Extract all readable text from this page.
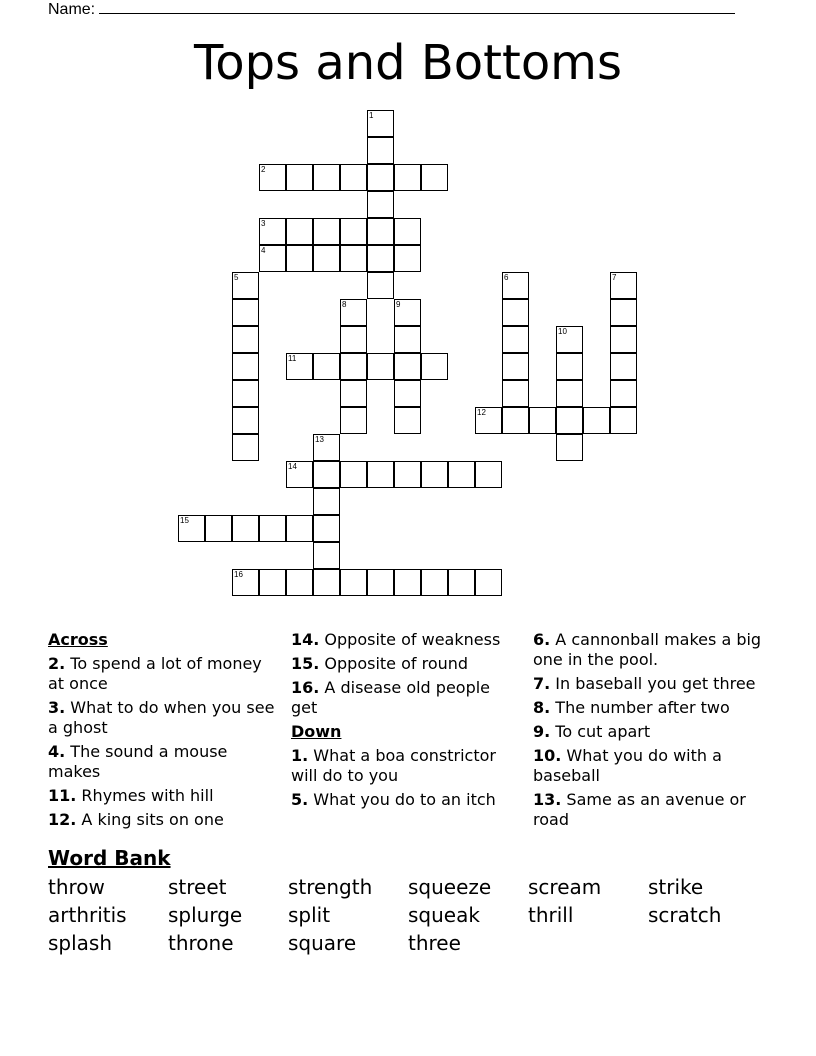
Name:
Tops and Bottoms
1
2
3
4
5
8	9
11
6	7
10
12
13
14
15
16
Across
2. To spend a lot of money at once
3. What to do when you see a ghost
4. The sound a mouse makes
11. Rhymes with hill
12. A king sits on one
14. Opposite of weakness
15. Opposite of round
16. A disease old people get
Down
1. What a boa constrictor will do to you
5. What you do to an itch
6. A cannonball makes a big one in the pool.
7. In baseball you get three
8. The number after two
9. To cut apart
10. What you do with a baseball
13. Same as an avenue or road
Word Bank
throw	street	strength squeeze scream strike
arthritis splurge split	squeak thrill	scratch
splash	throne	square	three
